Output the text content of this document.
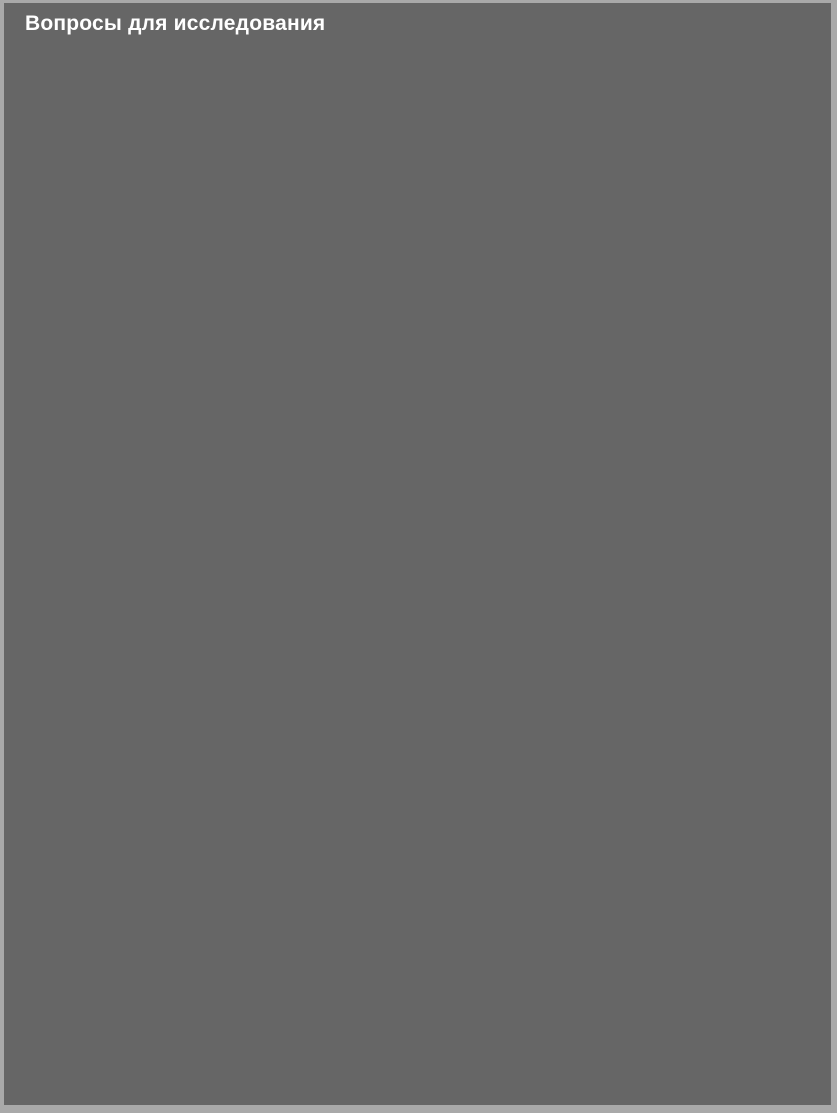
Вопросы для исследования
